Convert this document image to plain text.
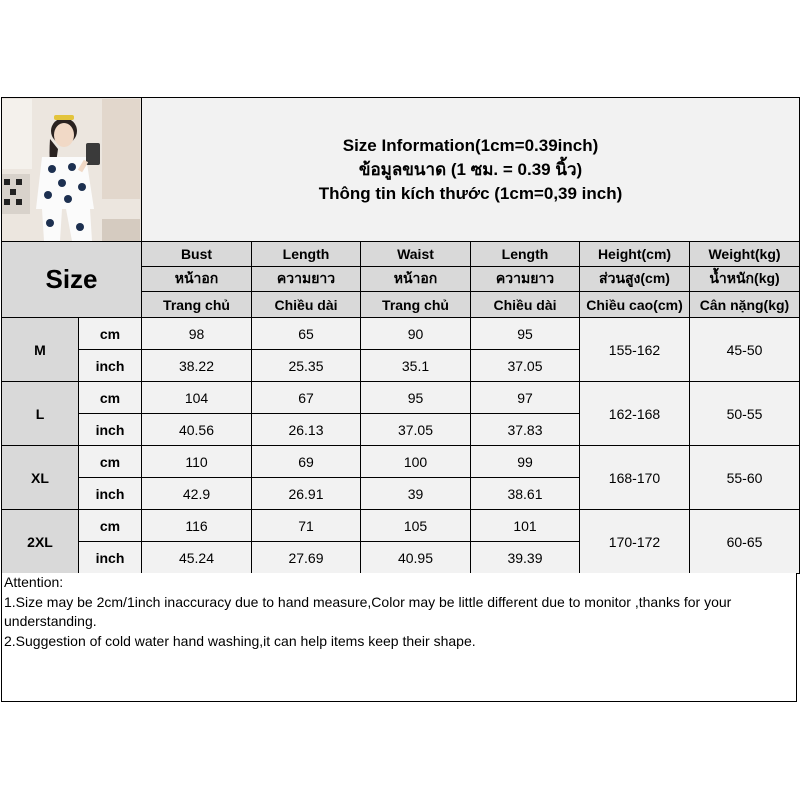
Size Information(1cm=0.39inch)
ข้อมูลขนาด (1 ซม. = 0.39 นิ้ว)
Thông tin kích thước (1cm=0,39 inch)					

Size		Bust	Length	Waist	Length	Height(cm)	Weight(kg)
		หน้าอก	ความยาว	หน้าอก	ความยาว	ส่วนสูง(cm)	น้ำหนัก(kg)
		Trang chủ	Chiều dài	Trang chủ	Chiều dài	Chiều cao(cm)	Cân nặng(kg)
M	cm	98	65	90	95	155-162	45-50
	inch	38.22	25.35	35.1	37.05		
L	cm	104	67	95	97	162-168	50-55
	inch	40.56	26.13	37.05	37.83		
XL	cm	110	69	100	99	168-170	55-60
	inch	42.9	26.91	39	38.61		
2XL	cm	116	71	105	101	170-172	60-65
	inch	45.24	27.69	40.95	39.39		
Attention:
1.Size may be 2cm/1inch inaccuracy due to hand measure,Color may be little different due to monitor ,thanks for your understanding.
2.Suggestion of cold water hand washing,it can help items keep their shape.
